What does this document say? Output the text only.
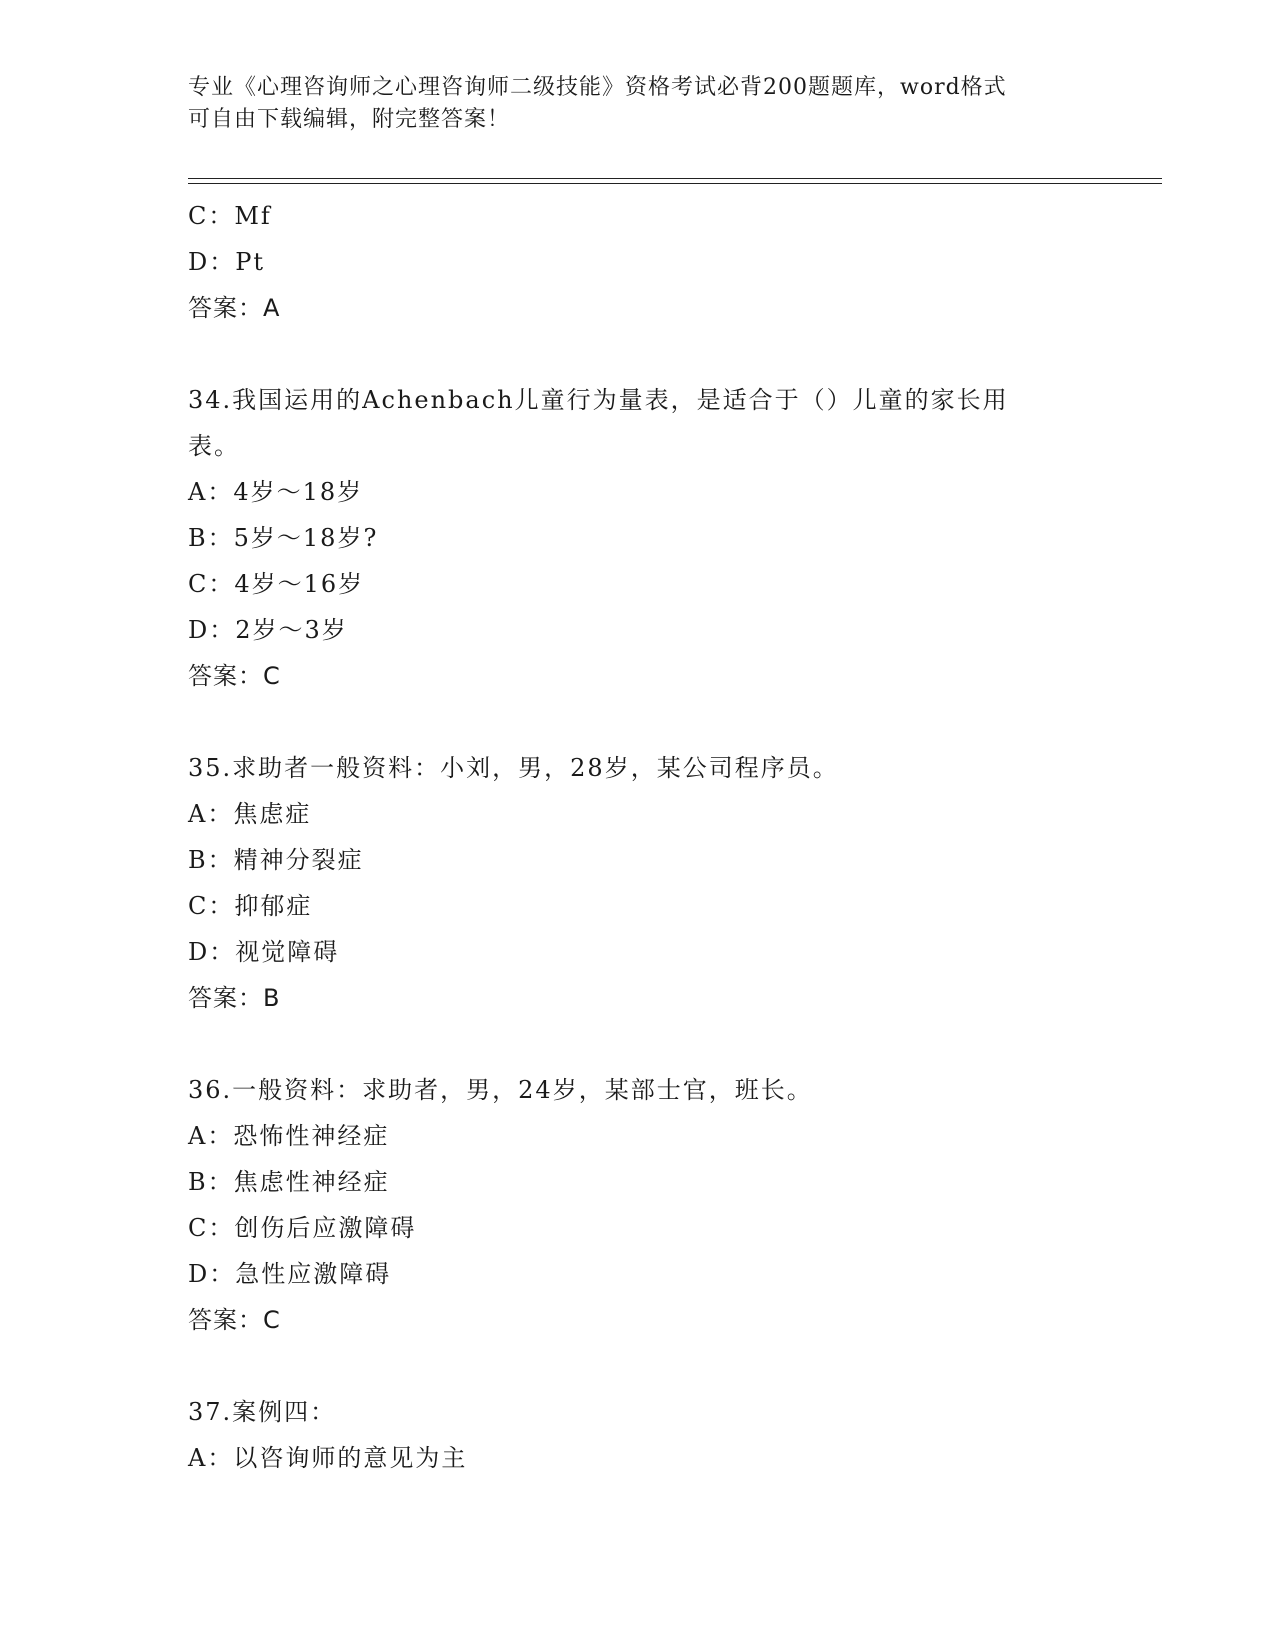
专业《心理咨询师之心理咨询师二级技能》资格考试必背200题题库，word格式
可自由下载编辑，附完整答案！
C：Mf
D：Pt
答案：A
34.我国运用的Achenbach儿童行为量表，是适合于（）儿童的家长用
表。
A：4岁～18岁
B：5岁～18岁?
C：4岁～16岁
D：2岁～3岁
答案：C
35.求助者一般资料：小刘，男，28岁，某公司程序员。
A：焦虑症
B：精神分裂症
C：抑郁症
D：视觉障碍
答案：B
36.一般资料：求助者，男，24岁，某部士官，班长。
A：恐怖性神经症
B：焦虑性神经症
C：创伤后应激障碍
D：急性应激障碍
答案：C
37.案例四：
A：以咨询师的意见为主
